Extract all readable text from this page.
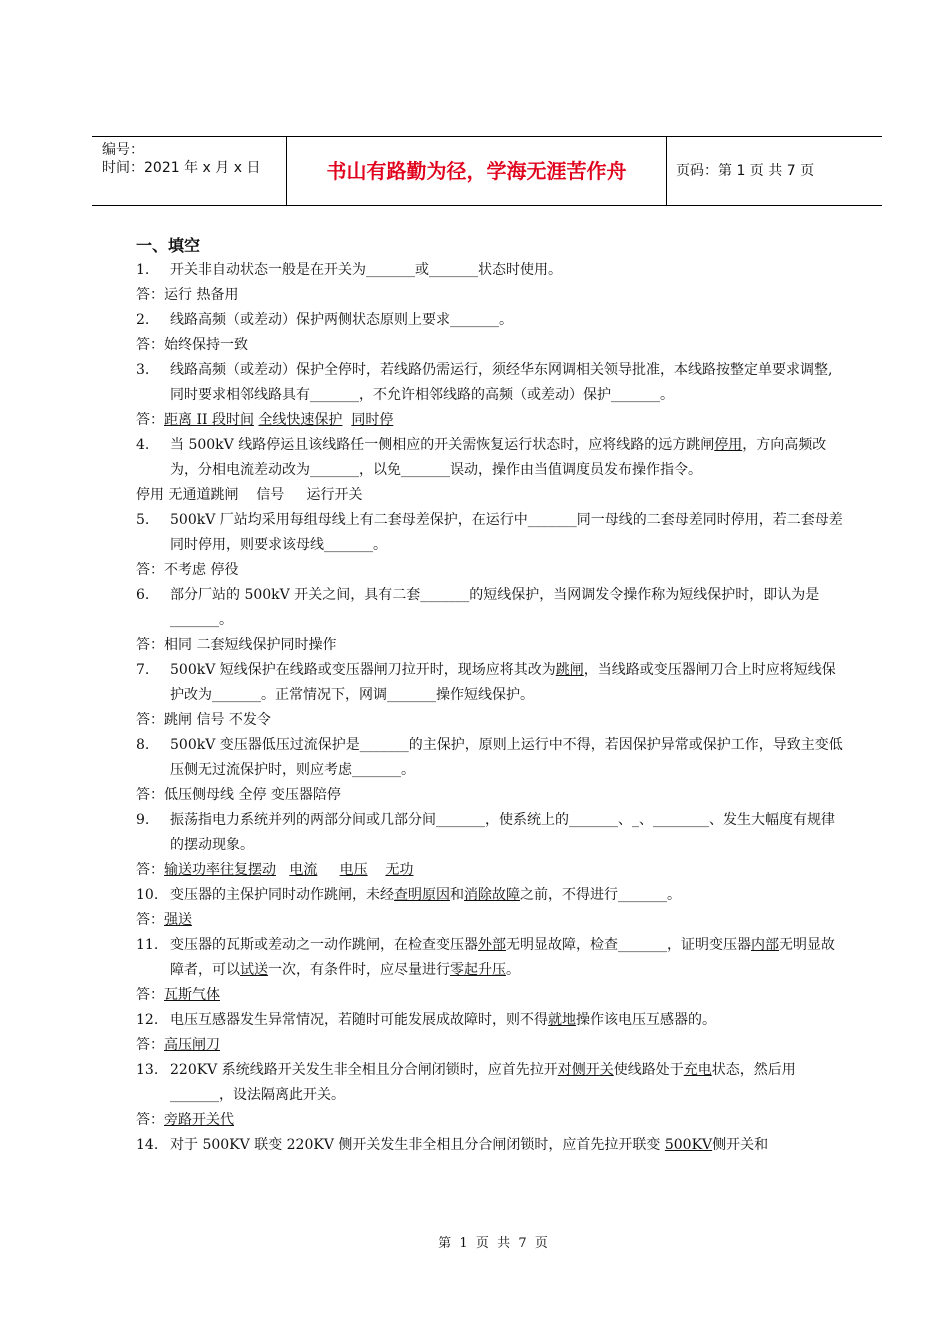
编号：
时间：2021 年 x 月 x 日	书山有路勤为径，学海无涯苦作舟	页码：第 1 页 共 7 页
一、填空
1.	开关非自动状态一般是在开关为_______或_______状态时使用。
答：运行 热备用
2.	线路高频（或差动）保护两侧状态原则上要求_______。
答：始终保持一致
3.	线路高频（或差动）保护全停时，若线路仍需运行，须经华东网调相关领导批准，本线路按整定单要求调整,同时要求相邻线路具有_______，不允许相邻线路的高频（或差动）保护_______。
答：距离 II 段时间 全线快速保护 同时停
4.	当 500kV 线路停运且该线路任一侧相应的开关需恢复运行状态时，应将线路的远方跳闸停用，方向高频改为，分相电流差动改为_______，以免_______误动，操作由当值调度员发布操作指令。
停用 无通道跳闸    信号     运行开关
5.	500kV 厂站均采用每组母线上有二套母差保护，在运行中_______同一母线的二套母差同时停用，若二套母差同时停用，则要求该母线_______。
答：不考虑 停役
6.	部分厂站的 500kV 开关之间，具有二套_______的短线保护，当网调发令操作称为短线保护时，即认为是_______。
答：相同 二套短线保护同时操作
7.	500kV 短线保护在线路或变压器闸刀拉开时，现场应将其改为跳闸，当线路或变压器闸刀合上时应将短线保护改为_______。正常情况下，网调_______操作短线保护。
答：跳闸 信号 不发令
8.	500kV 变压器低压过流保护是_______的主保护，原则上运行中不得，若因保护异常或保护工作，导致主变低压侧无过流保护时，则应考虑_______。
答：低压侧母线 全停 变压器陪停
9.	振荡指电力系统并列的两部分间或几部分间_______，使系统上的_______、_、________、发生大幅度有规律的摆动现象。
答：输送功率往复摆动 电流 电压 无功
10. 变压器的主保护同时动作跳闸，未经查明原因和消除故障之前，不得进行_______。
答：强送
11. 变压器的瓦斯或差动之一动作跳闸，在检查变压器外部无明显故障，检查_______，证明变压器内部无明显故障者，可以试送一次，有条件时，应尽量进行零起升压。
答：瓦斯气体
12. 电压互感器发生异常情况，若随时可能发展成故障时，则不得就地操作该电压互感器的。
答：高压闸刀
13. 220KV 系统线路开关发生非全相且分合闸闭锁时，应首先拉开对侧开关使线路处于充电状态，然后用_______，设法隔离此开关。
答：旁路开关代
14. 对于 500KV 联变 220KV 侧开关发生非全相且分合闸闭锁时，应首先拉开联变 500KV侧开关和
第  1  页  共  7  页
